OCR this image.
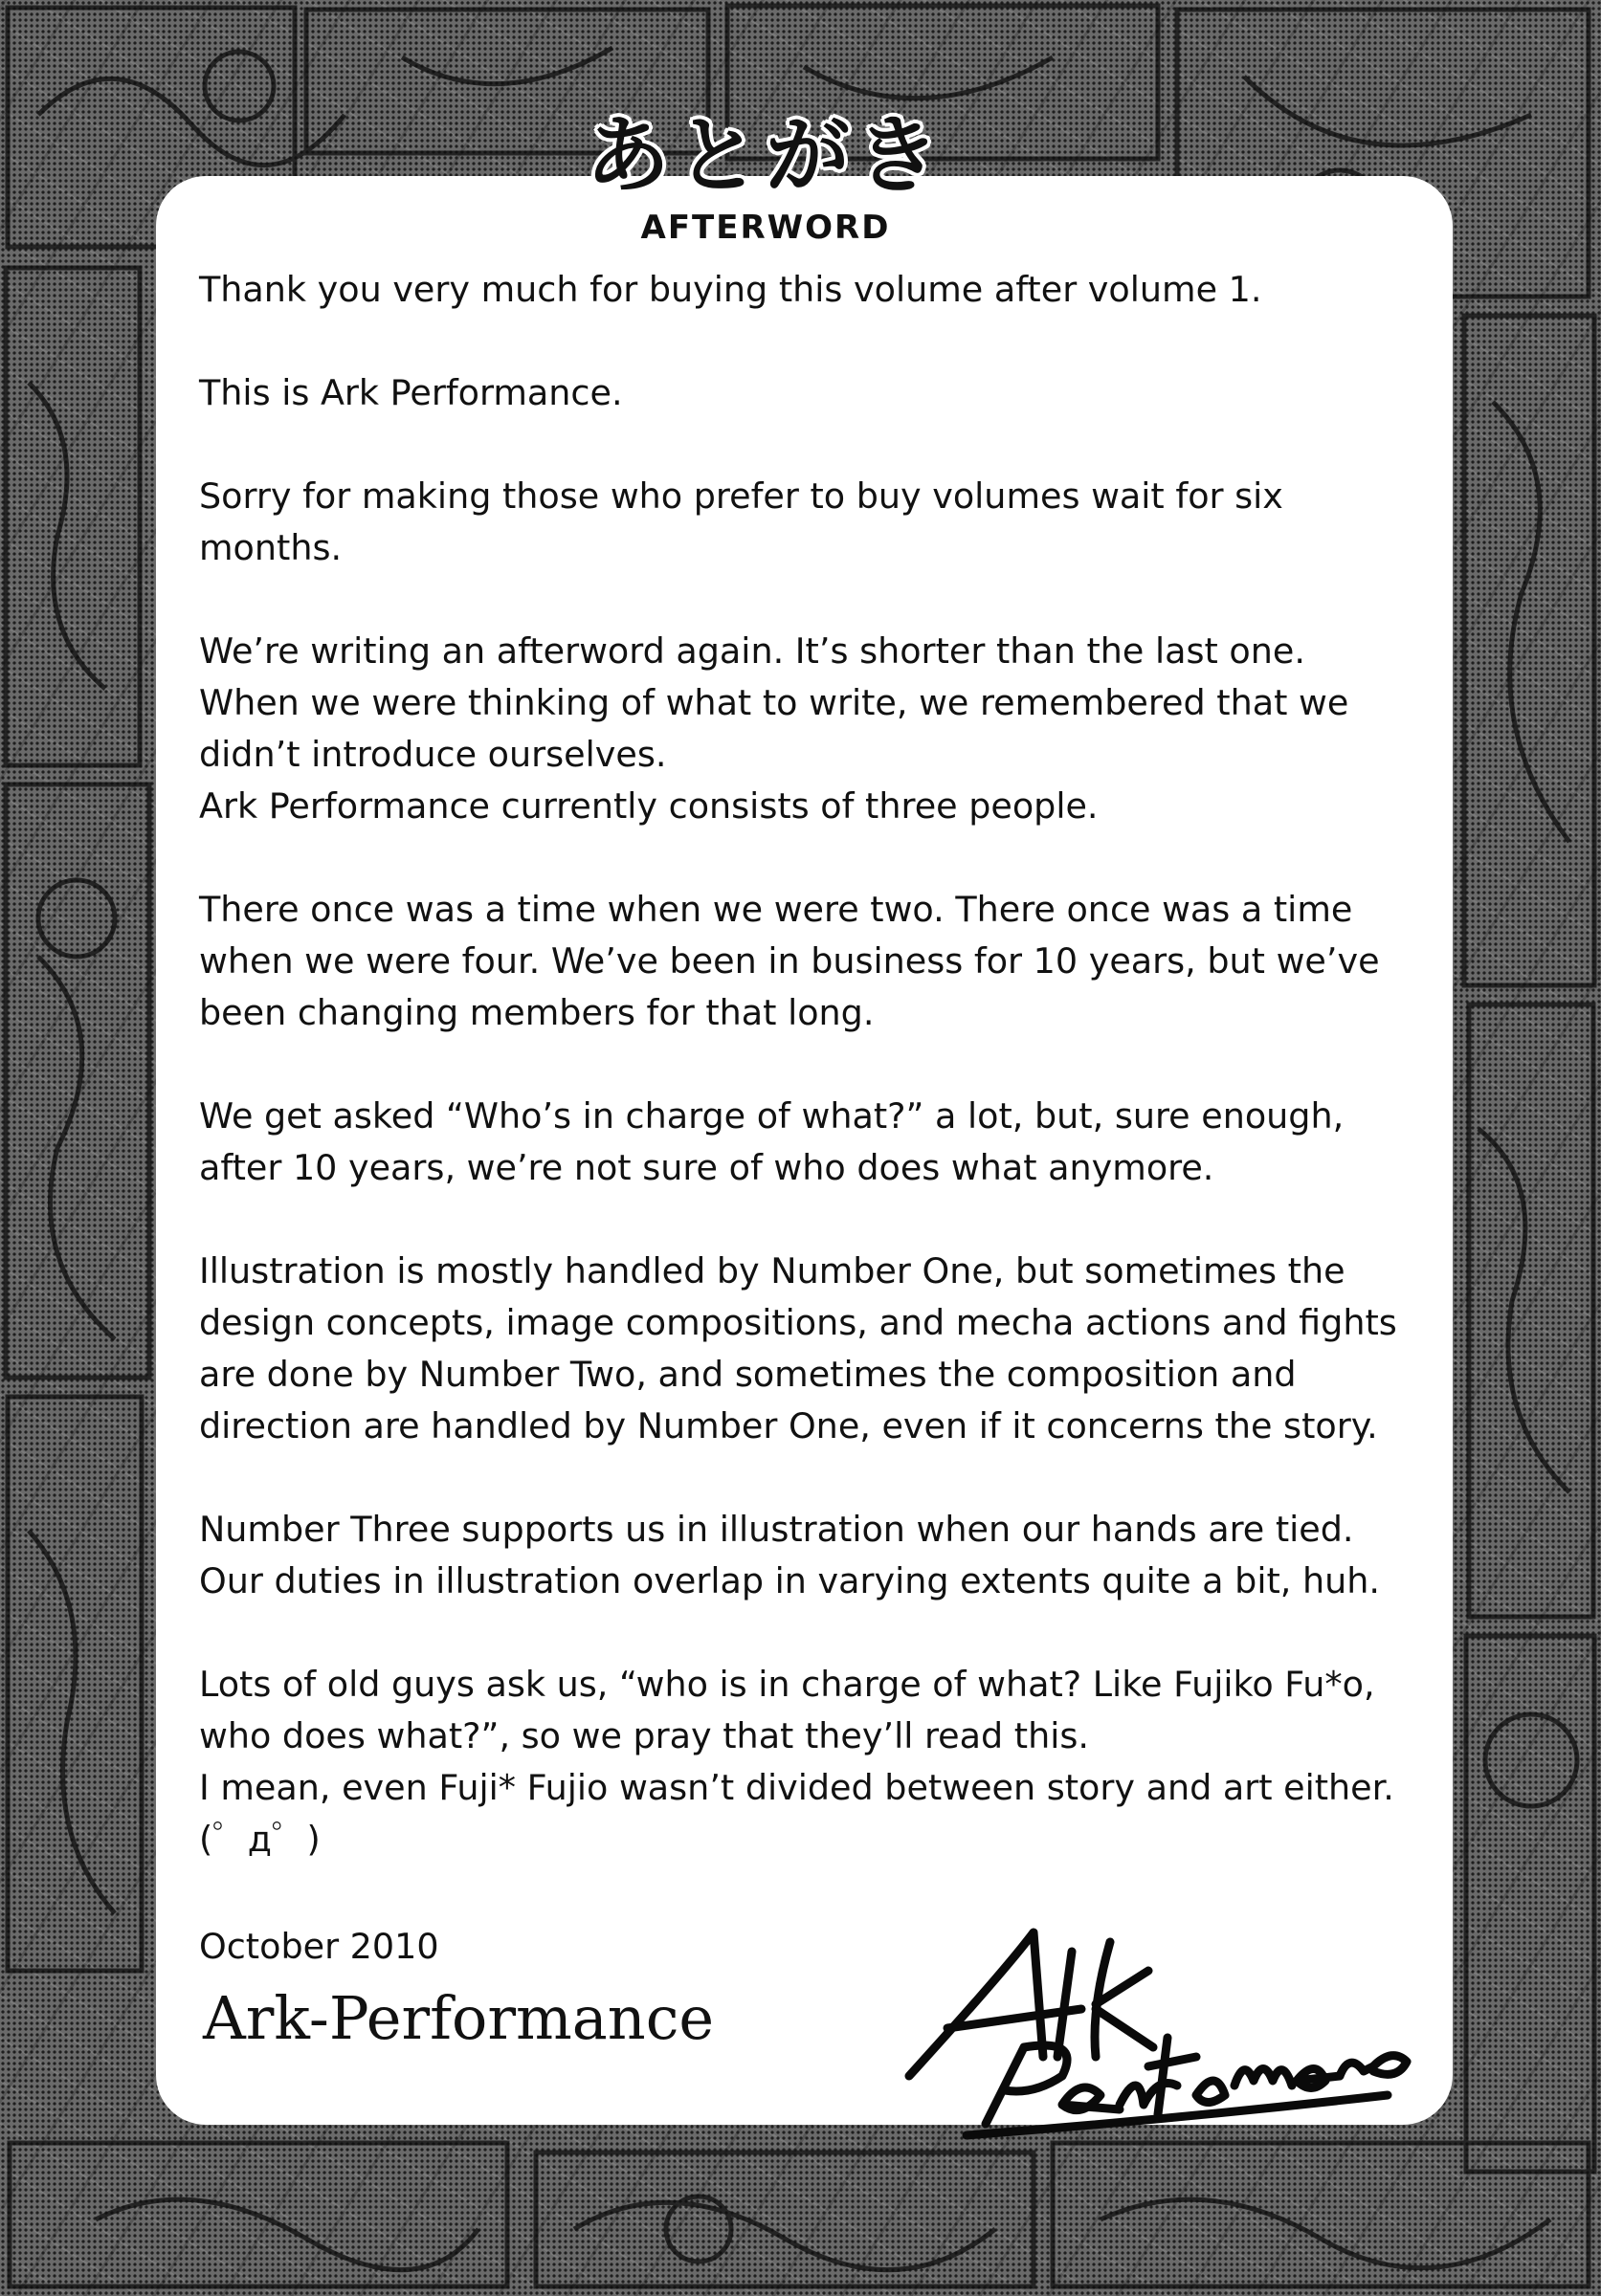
あとがき
AFTERWORD

Thank you very much for buying this volume after volume 1.

This is Ark Performance.

Sorry for making those who prefer to buy volumes wait for six
months.

We’re writing an afterword again. It’s shorter than the last one.
When we were thinking of what to write, we remembered that we
didn’t introduce ourselves.
Ark Performance currently consists of three people.

There once was a time when we were two. There once was a time
when we were four. We’ve been in business for 10 years, but we’ve
been changing members for that long.

We get asked “Who’s in charge of what?” a lot, but, sure enough,
after 10 years, we’re not sure of who does what anymore.

Illustration is mostly handled by Number One, but sometimes the
design concepts, image compositions, and mecha actions and fights
are done by Number Two, and sometimes the composition and
direction are handled by Number One, even if it concerns the story.

Number Three supports us in illustration when our hands are tied.
Our duties in illustration overlap in varying extents quite a bit, huh.

Lots of old guys ask us, “who is in charge of what? Like Fujiko Fu*o,
who does what?”, so we pray that they’ll read this.
I mean, even Fuji* Fujio wasn’t divided between story and art either.
(゜д゜)

October 2010
Ark-Performance
